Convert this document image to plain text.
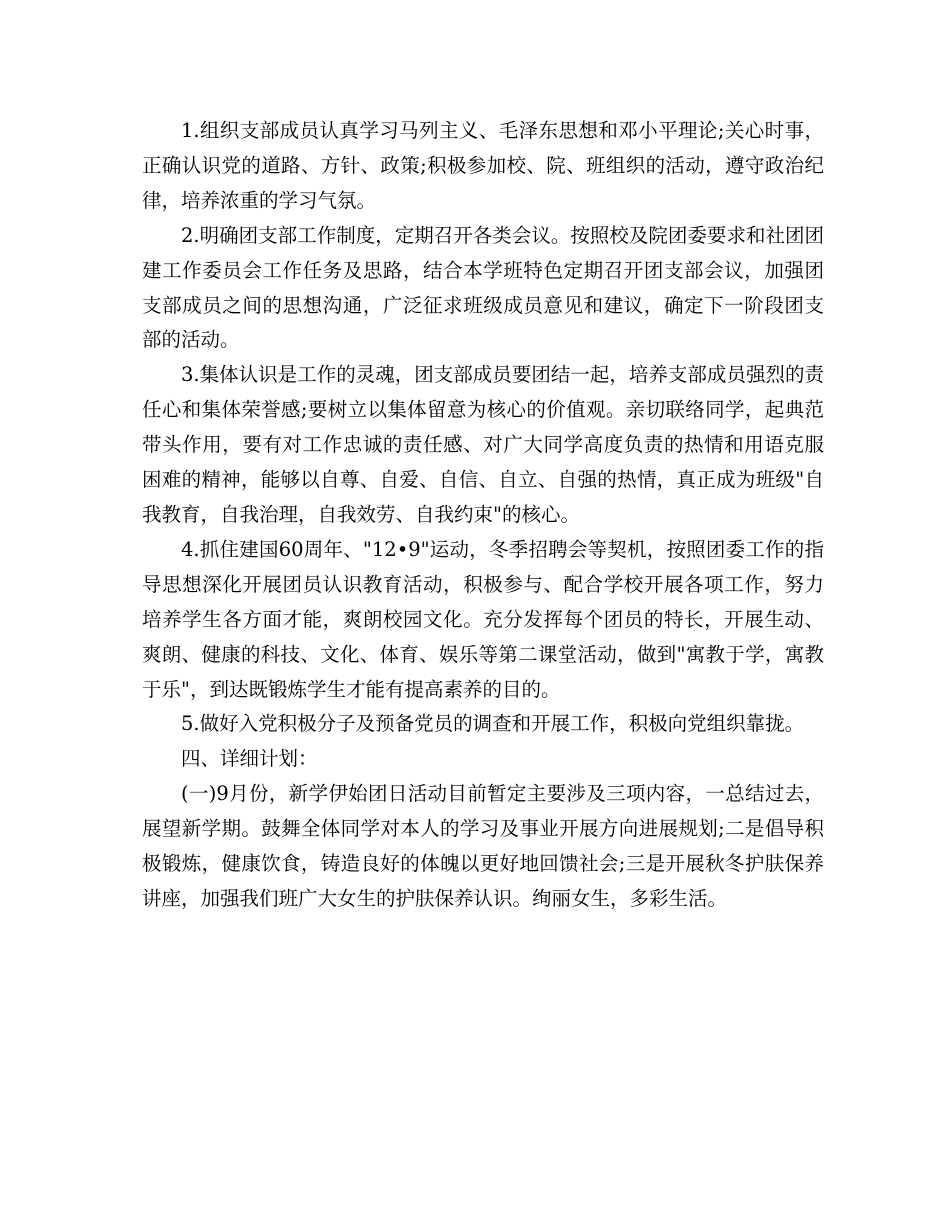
1.组织支部成员认真学习马列主义、毛泽东思想和邓小平理论;关心时事，正确认识党的道路、方针、政策;积极参加校、院、班组织的活动，遵守政治纪律，培养浓重的学习气氛。

2.明确团支部工作制度，定期召开各类会议。按照校及院团委要求和社团团建工作委员会工作任务及思路，结合本学班特色定期召开团支部会议，加强团支部成员之间的思想沟通，广泛征求班级成员意见和建议，确定下一阶段团支部的活动。

3.集体认识是工作的灵魂，团支部成员要团结一起，培养支部成员强烈的责任心和集体荣誉感;要树立以集体留意为核心的价值观。亲切联络同学，起典范带头作用，要有对工作忠诚的责任感、对广大同学高度负责的热情和用语克服困难的精神，能够以自尊、自爱、自信、自立、自强的热情，真正成为班级"自我教育，自我治理，自我效劳、自我约束"的核心。

4.抓住建国60周年、"12•9"运动，冬季招聘会等契机，按照团委工作的指导思想深化开展团员认识教育活动，积极参与、配合学校开展各项工作，努力培养学生各方面才能，爽朗校园文化。充分发挥每个团员的特长，开展生动、爽朗、健康的科技、文化、体育、娱乐等第二课堂活动，做到"寓教于学，寓教于乐"，到达既锻炼学生才能有提高素养的目的。

5.做好入党积极分子及预备党员的调查和开展工作，积极向党组织靠拢。

四、详细计划：

(一)9月份，新学伊始团日活动目前暂定主要涉及三项内容，一总结过去，展望新学期。鼓舞全体同学对本人的学习及事业开展方向进展规划;二是倡导积极锻炼，健康饮食，铸造良好的体魄以更好地回馈社会;三是开展秋冬护肤保养讲座，加强我们班广大女生的护肤保养认识。绚丽女生，多彩生活。
